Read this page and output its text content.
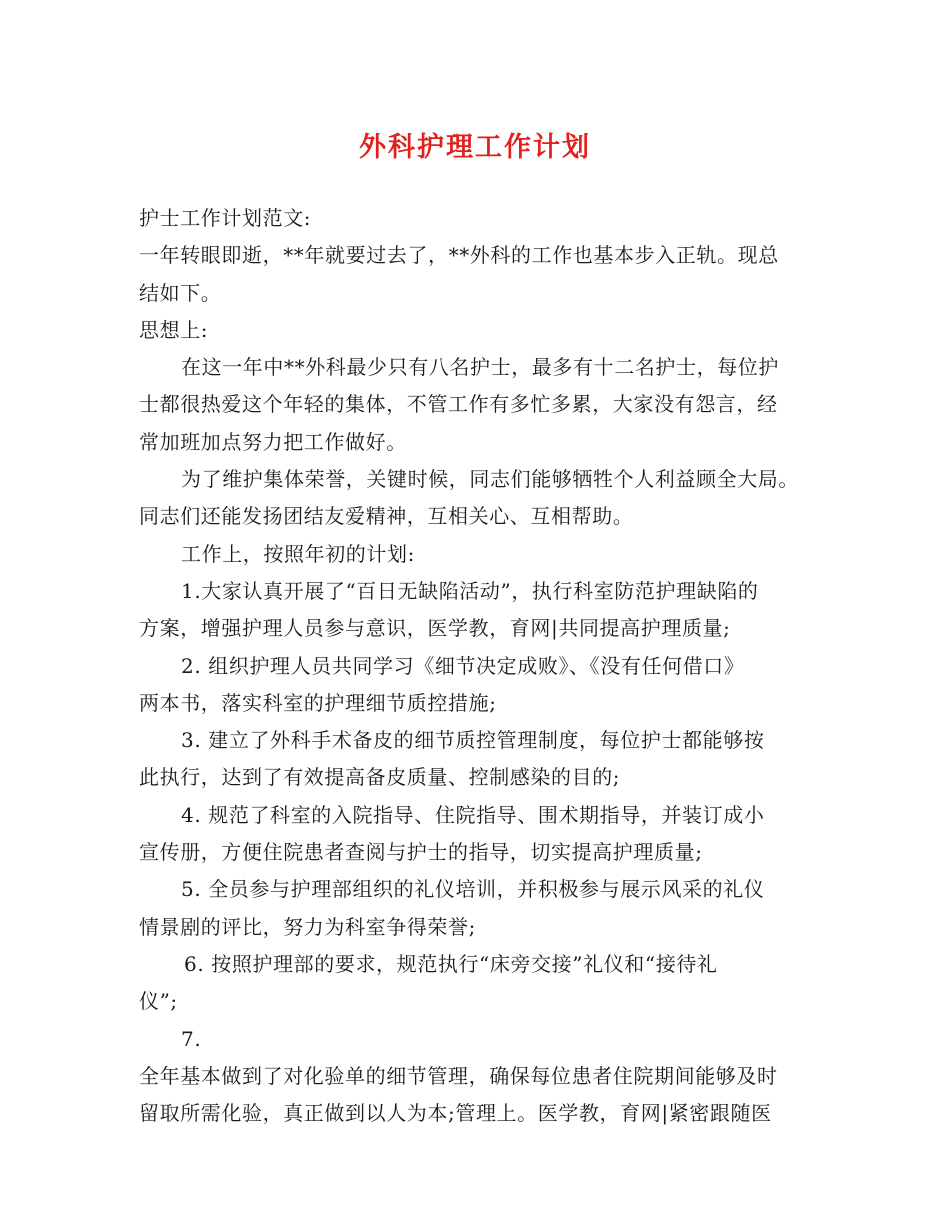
外科护理工作计划
护士工作计划范文:
一年转眼即逝，**年就要过去了，**外科的工作也基本步入正轨。现总
结如下。
思想上:
在这一年中**外科最少只有八名护士，最多有十二名护士，每位护
士都很热爱这个年轻的集体，不管工作有多忙多累，大家没有怨言，经
常加班加点努力把工作做好。
为了维护集体荣誉，关键时候，同志们能够牺牲个人利益顾全大局。
同志们还能发扬团结友爱精神，互相关心、互相帮助。
工作上，按照年初的计划:
1.大家认真开展了“百日无缺陷活动”，执行科室防范护理缺陷的
方案，增强护理人员参与意识，医学教，育网|共同提高护理质量;
2. 组织护理人员共同学习《细节决定成败》、《没有任何借口》
两本书，落实科室的护理细节质控措施;
3. 建立了外科手术备皮的细节质控管理制度，每位护士都能够按
此执行，达到了有效提高备皮质量、控制感染的目的;
4. 规范了科室的入院指导、住院指导、围术期指导，并装订成小
宣传册，方便住院患者查阅与护士的指导，切实提高护理质量;
5. 全员参与护理部组织的礼仪培训，并积极参与展示风采的礼仪
情景剧的评比，努力为科室争得荣誉;
6. 按照护理部的要求，规范执行“床旁交接”礼仪和“接待礼
仪”;
7.
全年基本做到了对化验单的细节管理，确保每位患者住院期间能够及时
留取所需化验，真正做到以人为本;管理上。医学教，育网|紧密跟随医
